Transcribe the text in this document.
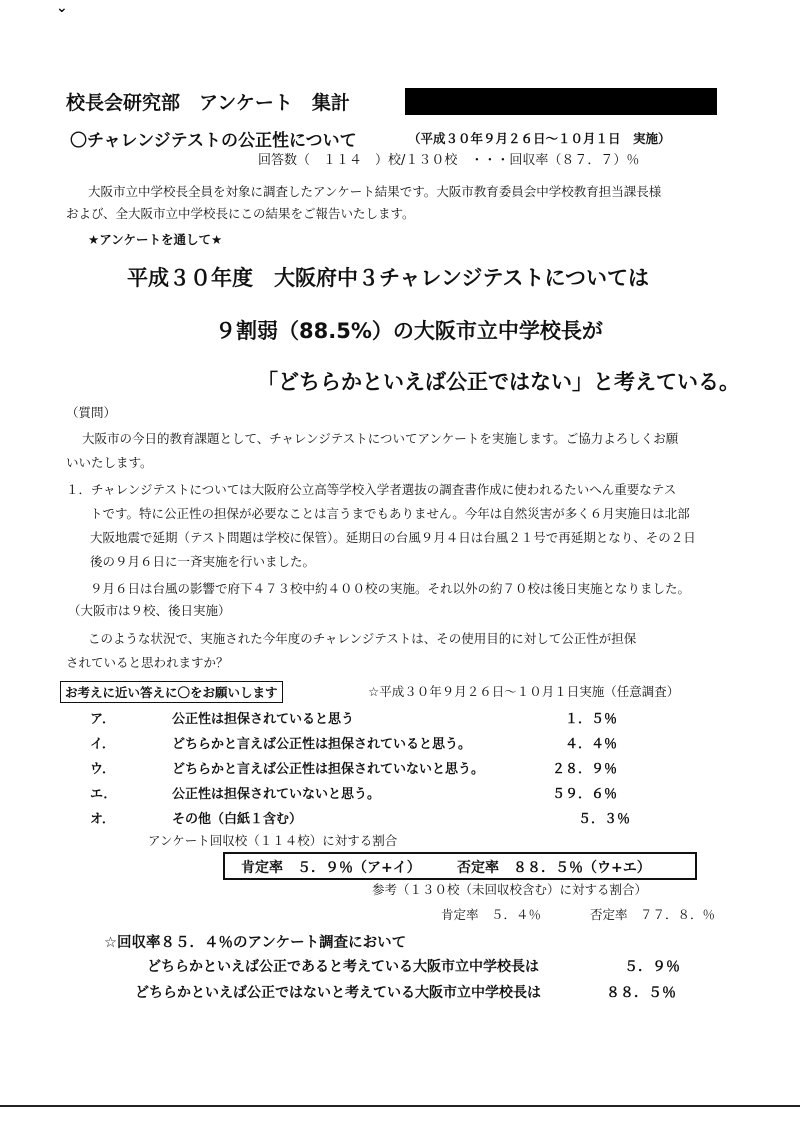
⌄
校長会研究部　アンケート　集計
〇チャレンジテストの公正性について	（平成３０年９月２６日～１０月１日　実施）
回答数（　１１４　）校/１３０校　・・・回収率（８７．７）％
大阪市立中学校長全員を対象に調査したアンケート結果です。大阪市教育委員会中学校教育担当課長様
および、全大阪市立中学校長にこの結果をご報告いたします。
★アンケートを通して★
平成３０年度　大阪府中３チャレンジテストについては
９割弱（88.5%）の大阪市立中学校長が
「どちらかといえば公正ではない」と考えている。
（質問）
大阪市の今日的教育課題として、チャレンジテストについてアンケートを実施します。ご協力よろしくお願
いいたします。
１．チャレンジテストについては大阪府公立高等学校入学者選抜の調査書作成に使われるたいへん重要なテス
トです。特に公正性の担保が必要なことは言うまでもありません。今年は自然災害が多く６月実施日は北部
大阪地震で延期（テスト問題は学校に保管）。延期日の台風９月４日は台風２１号で再延期となり、その２日
後の９月６日に一斉実施を行いました。
９月６日は台風の影響で府下４７３校中約４００校の実施。それ以外の約７０校は後日実施となりました。
（大阪市は９校、後日実施）
このような状況で、実施された今年度のチャレンジテストは、その使用目的に対して公正性が担保
されていると思われますか？
お考えに近い答えに〇をお願いします	☆平成３０年９月２６日～１０月１日実施（任意調査）
ア．	公正性は担保されていると思う	１．５％
イ．	どちらかと言えば公正性は担保されていると思う。	４．４％
ウ．	どちらかと言えば公正性は担保されていないと思う。	２８．９％
エ．	公正性は担保されていないと思う。	５９．６％
オ．	その他（白紙１含む）	５．３％
アンケート回収校（１１４校）に対する割合
肯定率　５．９％（ア+イ）	否定率　８８．５％（ウ+エ）
参考（１３０校（未回収校含む）に対する割合）
肯定率　５．４％	否定率　７７．８．％
☆回収率８５．４％のアンケート調査において
どちらかといえば公正であると考えている大阪市立中学校長は	５．９％
どちらかといえば公正ではないと考えている大阪市立中学校長は	８８．５％
